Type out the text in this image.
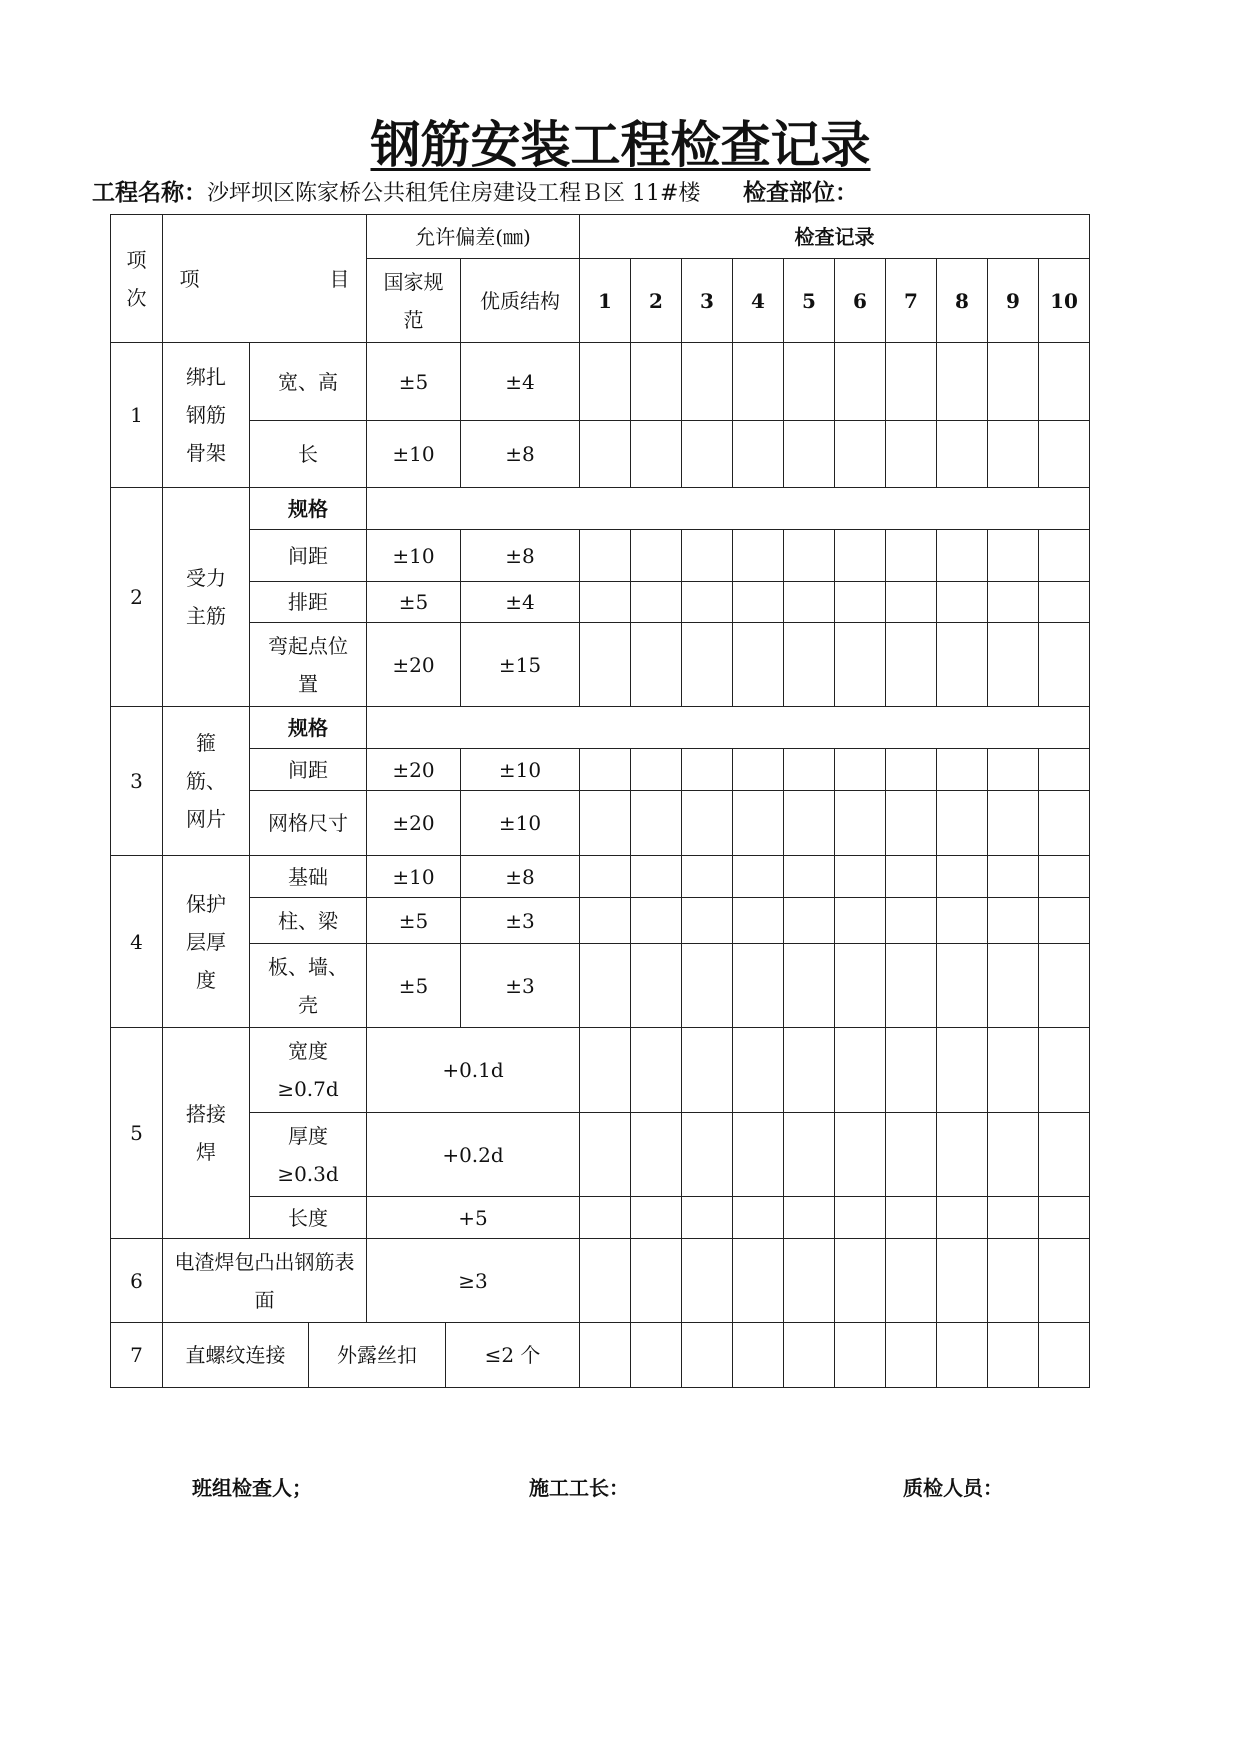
钢筋安装工程检查记录
工程名称：沙坪坝区陈家桥公共租凭住房建设工程Ｂ区 11#楼 检查部位：
项次	项 目		允许偏差(㎜)		检查记录									
			国家规范	优质结构	1	2	3	4	5	6	7	8	9	10
1	绑扎钢筋骨架	宽、高	±5	±4										
		长	±10	±8										
2	受力主筋	规格												
		间距	±10	±8										
		排距	±5	±4										
		弯起点位置	±20	±15										
3	箍筋、网片	规格												
		间距	±20	±10										
		网格尺寸	±20	±10										
4	保护层厚度	基础	±10	±8										
		柱、梁	±5	±3										
		板、墙、壳	±5	±3										
5	搭接焊	宽度≥0.7d	+0.1d											
		厚度≥0.3d	+0.2d											
		长度	+5											
6	电渣焊包凸出钢筋表面		≥3											
7	直螺纹连接 外露丝扣 ≤2 个													

班组检查人；	施工工长：	质检人员：
